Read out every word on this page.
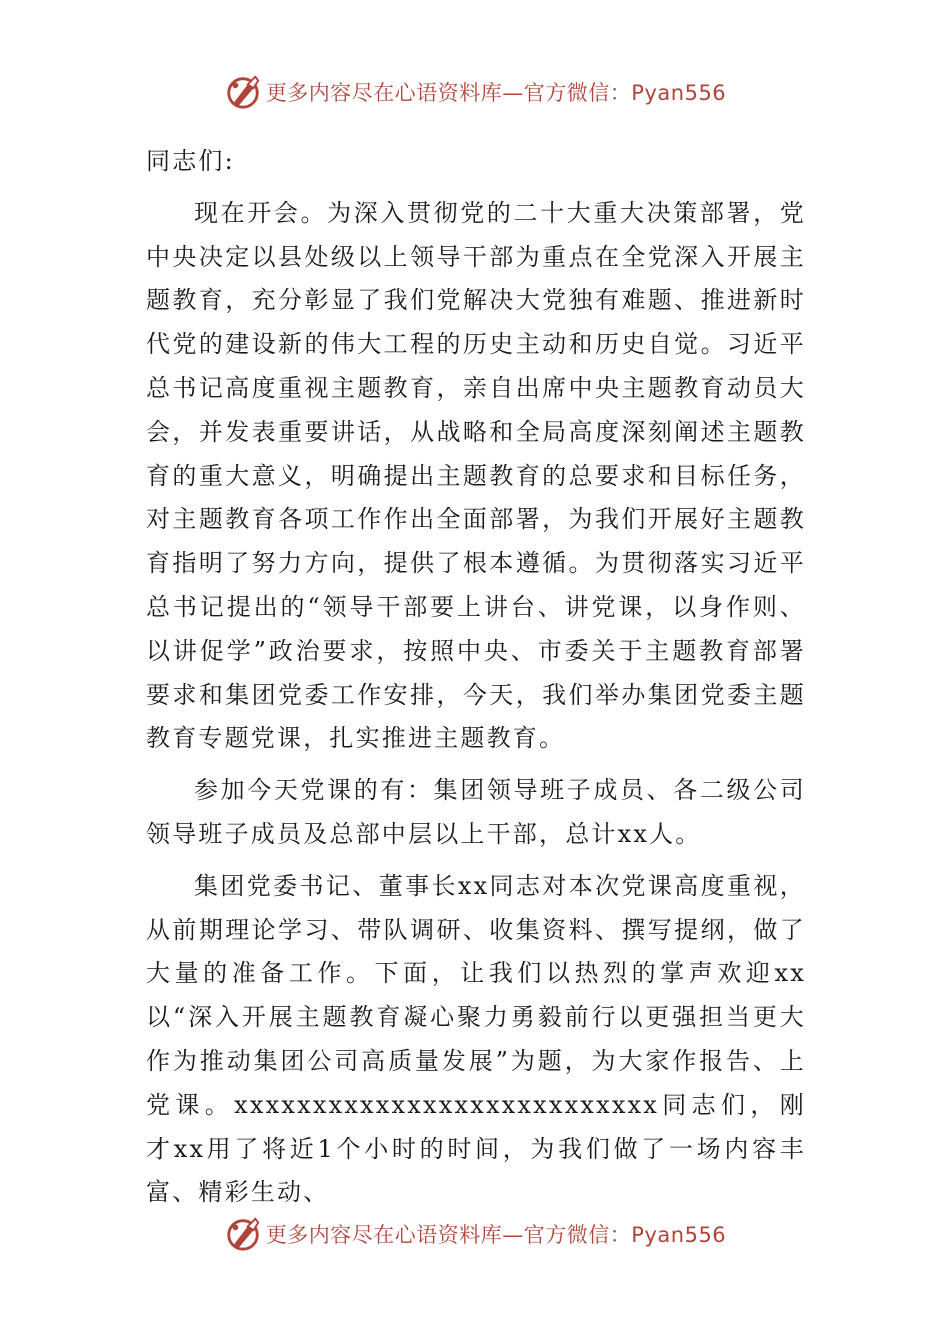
更多内容尽在心语资料库—官方微信：Pyan556

同志们:

现在开会。为深入贯彻党的二十大重大决策部署，党中央决定以县处级以上领导干部为重点在全党深入开展主题教育，充分彰显了我们党解决大党独有难题、推进新时代党的建设新的伟大工程的历史主动和历史自觉。习近平总书记高度重视主题教育，亲自出席中央主题教育动员大会，并发表重要讲话，从战略和全局高度深刻阐述主题教育的重大意义，明确提出主题教育的总要求和目标任务，对主题教育各项工作作出全面部署，为我们开展好主题教育指明了努力方向，提供了根本遵循。为贯彻落实习近平总书记提出的“领导干部要上讲台、讲党课，以身作则、以讲促学”政治要求，按照中央、市委关于主题教育部署要求和集团党委工作安排，今天，我们举办集团党委主题教育专题党课，扎实推进主题教育。

参加今天党课的有：集团领导班子成员、各二级公司领导班子成员及总部中层以上干部，总计xx人。

集团党委书记、董事长xx同志对本次党课高度重视，从前期理论学习、带队调研、收集资料、撰写提纲，做了大量的准备工作。下面，让我们以热烈的掌声欢迎xx以“深入开展主题教育凝心聚力勇毅前行以更强担当更大作为推动集团公司高质量发展”为题，为大家作报告、上党课。xxxxxxxxxxxxxxxxxxxxxxxxxxx同志们，刚才xx用了将近1个小时的时间，为我们做了一场内容丰富、精彩生动、

更多内容尽在心语资料库—官方微信：Pyan556
